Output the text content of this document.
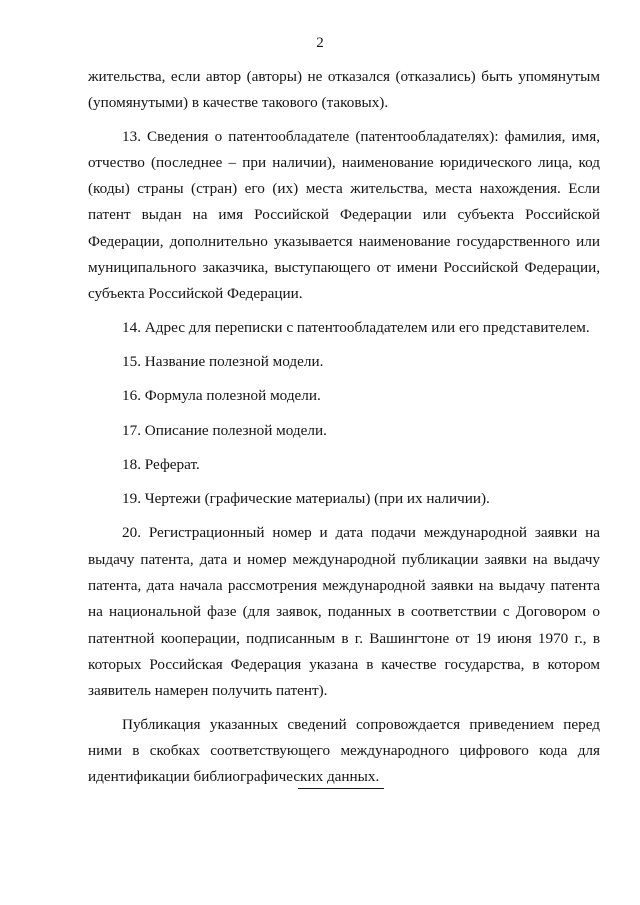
2

жительства, если автор (авторы) не отказался (отказались) быть упомянутым (упомянутыми) в качестве такового (таковых).

13. Сведения о патентообладателе (патентообладателях): фамилия, имя, отчество (последнее – при наличии), наименование юридического лица, код (коды) страны (стран) его (их) места жительства, места нахождения. Если патент выдан на имя Российской Федерации или субъекта Российской Федерации, дополнительно указывается наименование государственного или муниципального заказчика, выступающего от имени Российской Федерации, субъекта Российской Федерации.

14. Адрес для переписки с патентообладателем или его представителем.

15. Название полезной модели.

16. Формула полезной модели.

17. Описание полезной модели.

18. Реферат.

19. Чертежи (графические материалы) (при их наличии).

20. Регистрационный номер и дата подачи международной заявки на выдачу патента, дата и номер международной публикации заявки на выдачу патента, дата начала рассмотрения международной заявки на выдачу патента на национальной фазе (для заявок, поданных в соответствии с Договором о патентной кооперации, подписанным в г. Вашингтоне от 19 июня 1970 г., в которых Российская Федерация указана в качестве государства, в котором заявитель намерен получить патент).

Публикация указанных сведений сопровождается приведением перед ними в скобках соответствующего международного цифрового кода для идентификации библиографических данных.
